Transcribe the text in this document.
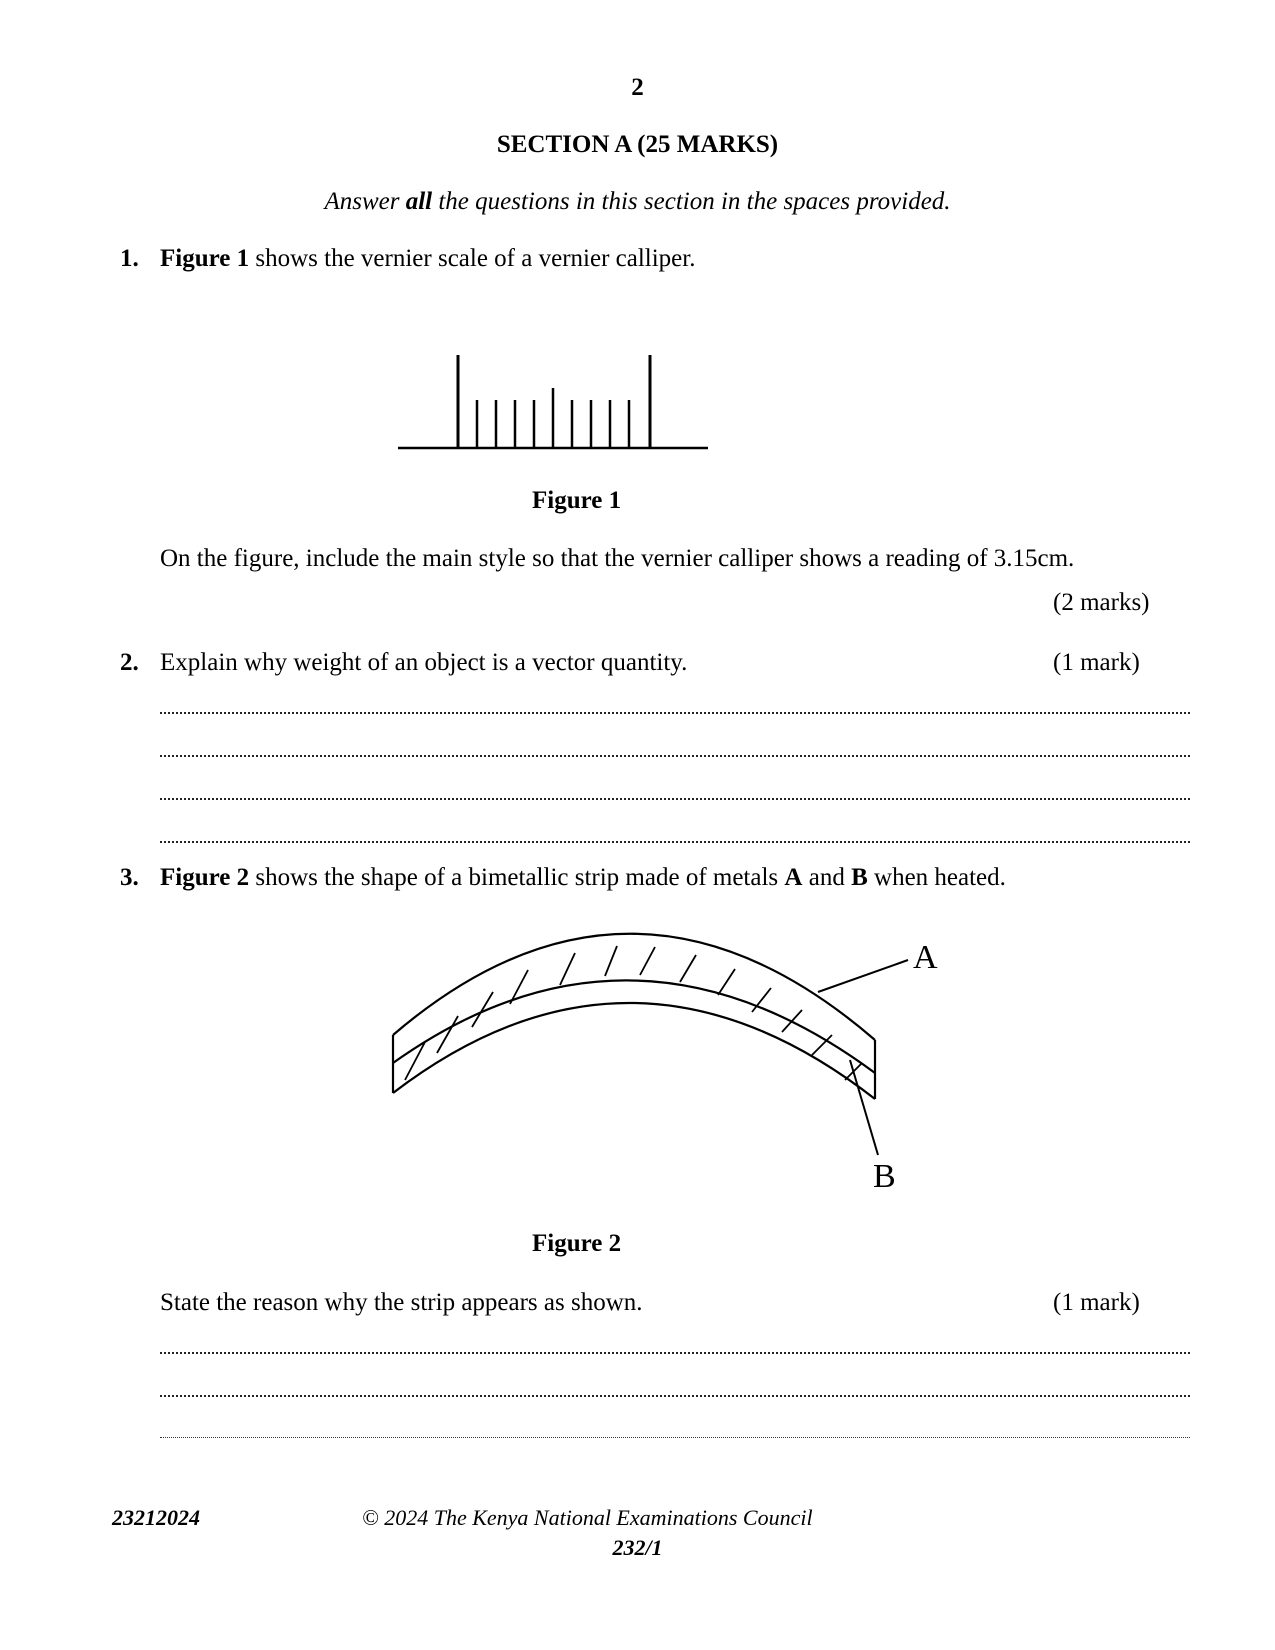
2
SECTION A (25 MARKS)
Answer all the questions in this section in the spaces provided.
1. Figure 1 shows the vernier scale of a vernier calliper.
Figure 1
On the figure, include the main style so that the vernier calliper shows a reading of 3.15cm.
(2 marks)
2. Explain why weight of an object is a vector quantity.	(1 mark)
3. Figure 2 shows the shape of a bimetallic strip made of metals A and B when heated.
A
B
Figure 2
State the reason why the strip appears as shown.	(1 mark)
23212024	© 2024 The Kenya National Examinations Council
232/1
